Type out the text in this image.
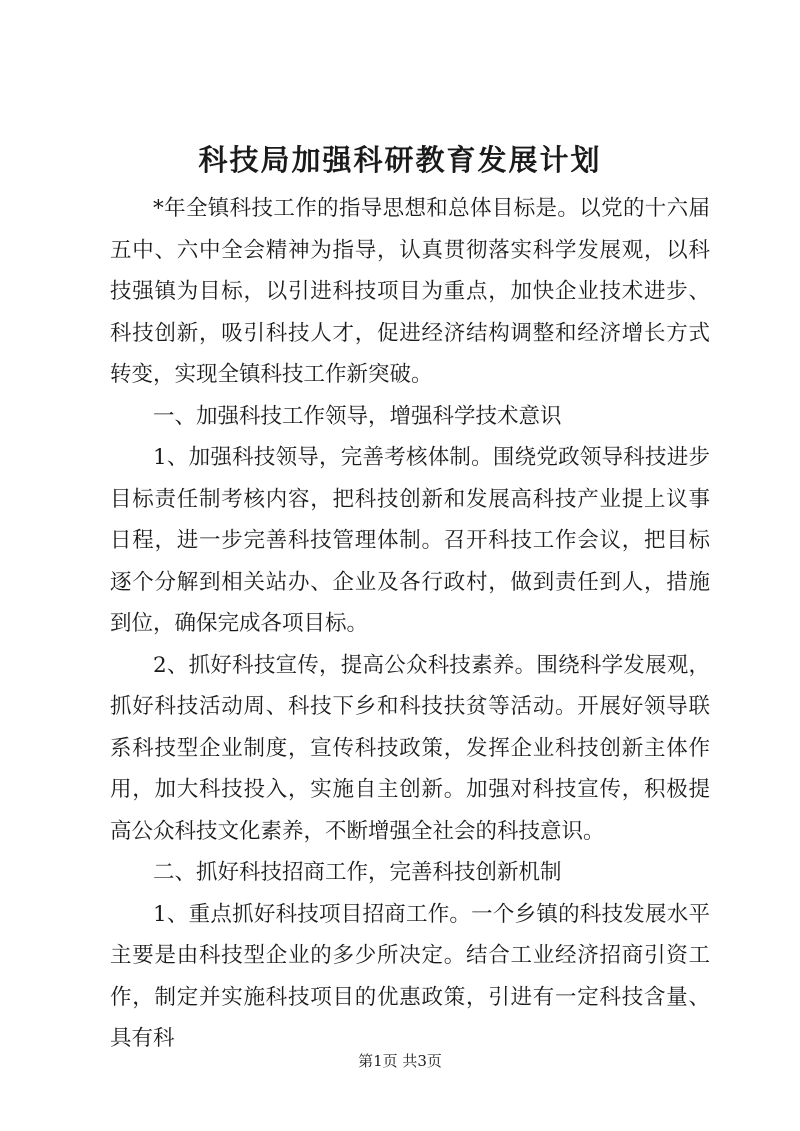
科技局加强科研教育发展计划

*年全镇科技工作的指导思想和总体目标是。以党的十六届五中、六中全会精神为指导，认真贯彻落实科学发展观，以科技强镇为目标，以引进科技项目为重点，加快企业技术进步、科技创新，吸引科技人才，促进经济结构调整和经济增长方式转变，实现全镇科技工作新突破。

一、加强科技工作领导，增强科学技术意识

1、加强科技领导，完善考核体制。围绕党政领导科技进步目标责任制考核内容，把科技创新和发展高科技产业提上议事日程，进一步完善科技管理体制。召开科技工作会议，把目标逐个分解到相关站办、企业及各行政村，做到责任到人，措施到位，确保完成各项目标。

2、抓好科技宣传，提高公众科技素养。围绕科学发展观，抓好科技活动周、科技下乡和科技扶贫等活动。开展好领导联系科技型企业制度，宣传科技政策，发挥企业科技创新主体作用，加大科技投入，实施自主创新。加强对科技宣传，积极提高公众科技文化素养，不断增强全社会的科技意识。

二、抓好科技招商工作，完善科技创新机制

1、重点抓好科技项目招商工作。一个乡镇的科技发展水平主要是由科技型企业的多少所决定。结合工业经济招商引资工作，制定并实施科技项目的优惠政策，引进有一定科技含量、具有科

第1页 共3页
